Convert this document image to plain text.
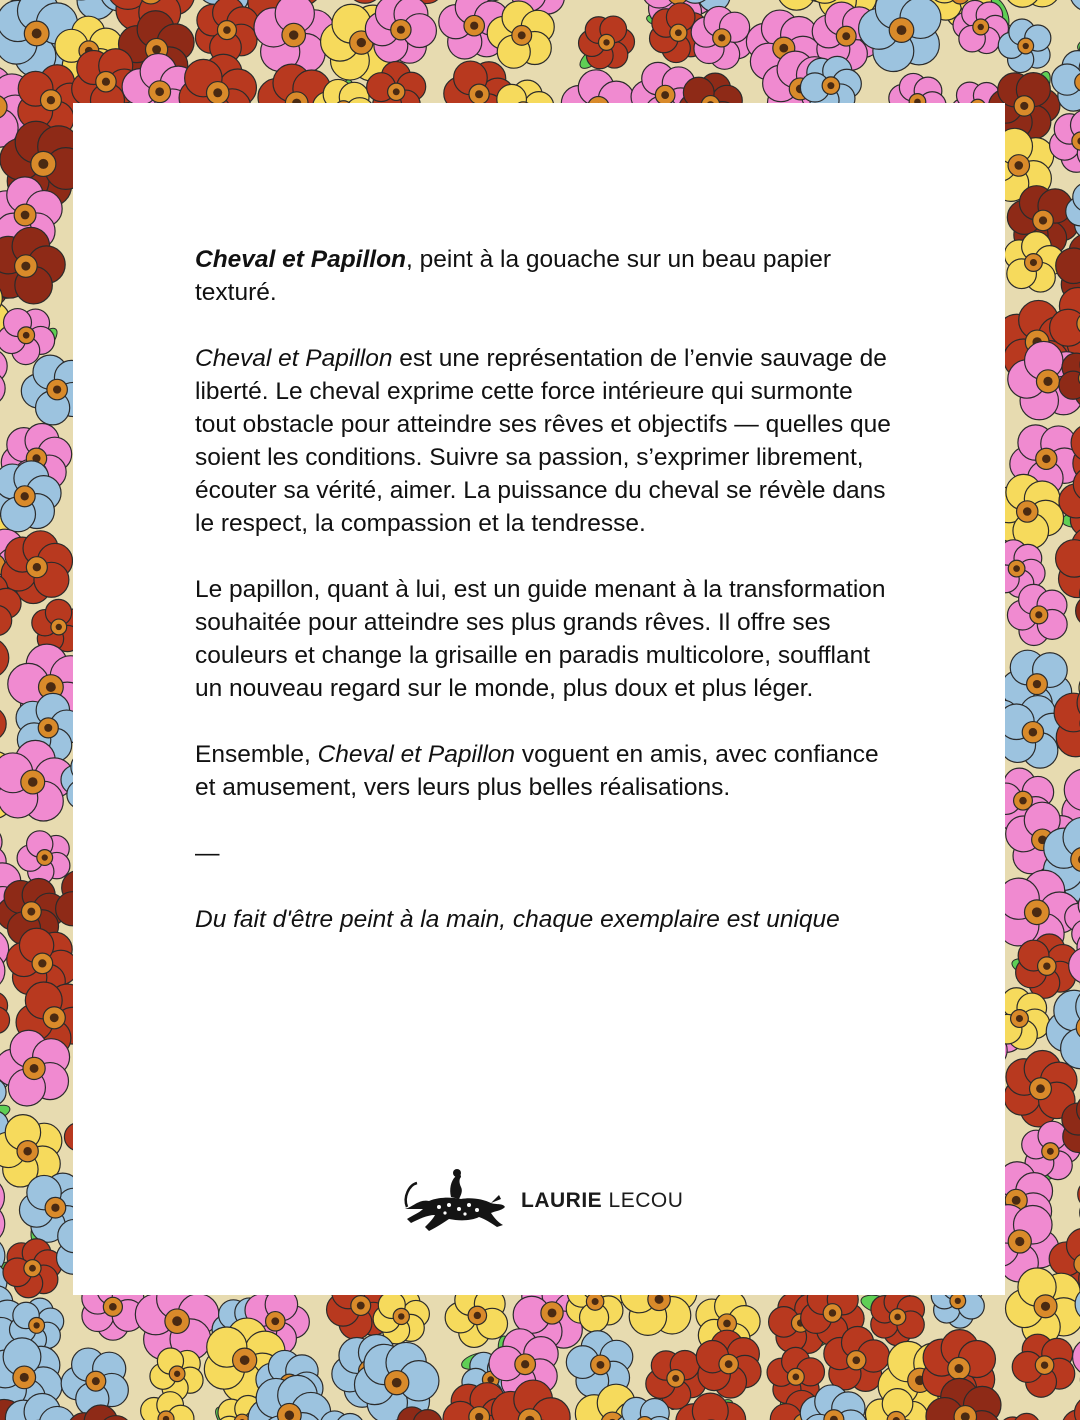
Cheval et Papillon, peint à la gouache sur un beau papier texturé.

Cheval et Papillon est une représentation de l’envie sauvage de liberté. Le cheval exprime cette force intérieure qui surmonte tout obstacle pour atteindre ses rêves et objectifs — quelles que soient les conditions. Suivre sa passion, s’exprimer librement, écouter sa vérité, aimer. La puissance du cheval se révèle dans le respect, la compassion et la tendresse.

Le papillon, quant à lui, est un guide menant à la transformation souhaitée pour atteindre ses plus grands rêves. Il offre ses couleurs et change la grisaille en paradis multicolore, soufflant un nouveau regard sur le monde, plus doux et plus léger.

Ensemble, Cheval et Papillon voguent en amis, avec confiance et amusement, vers leurs plus belles réalisations.

—

Du fait d'être peint à la main, chaque exemplaire est unique

LAURIE LECOU
